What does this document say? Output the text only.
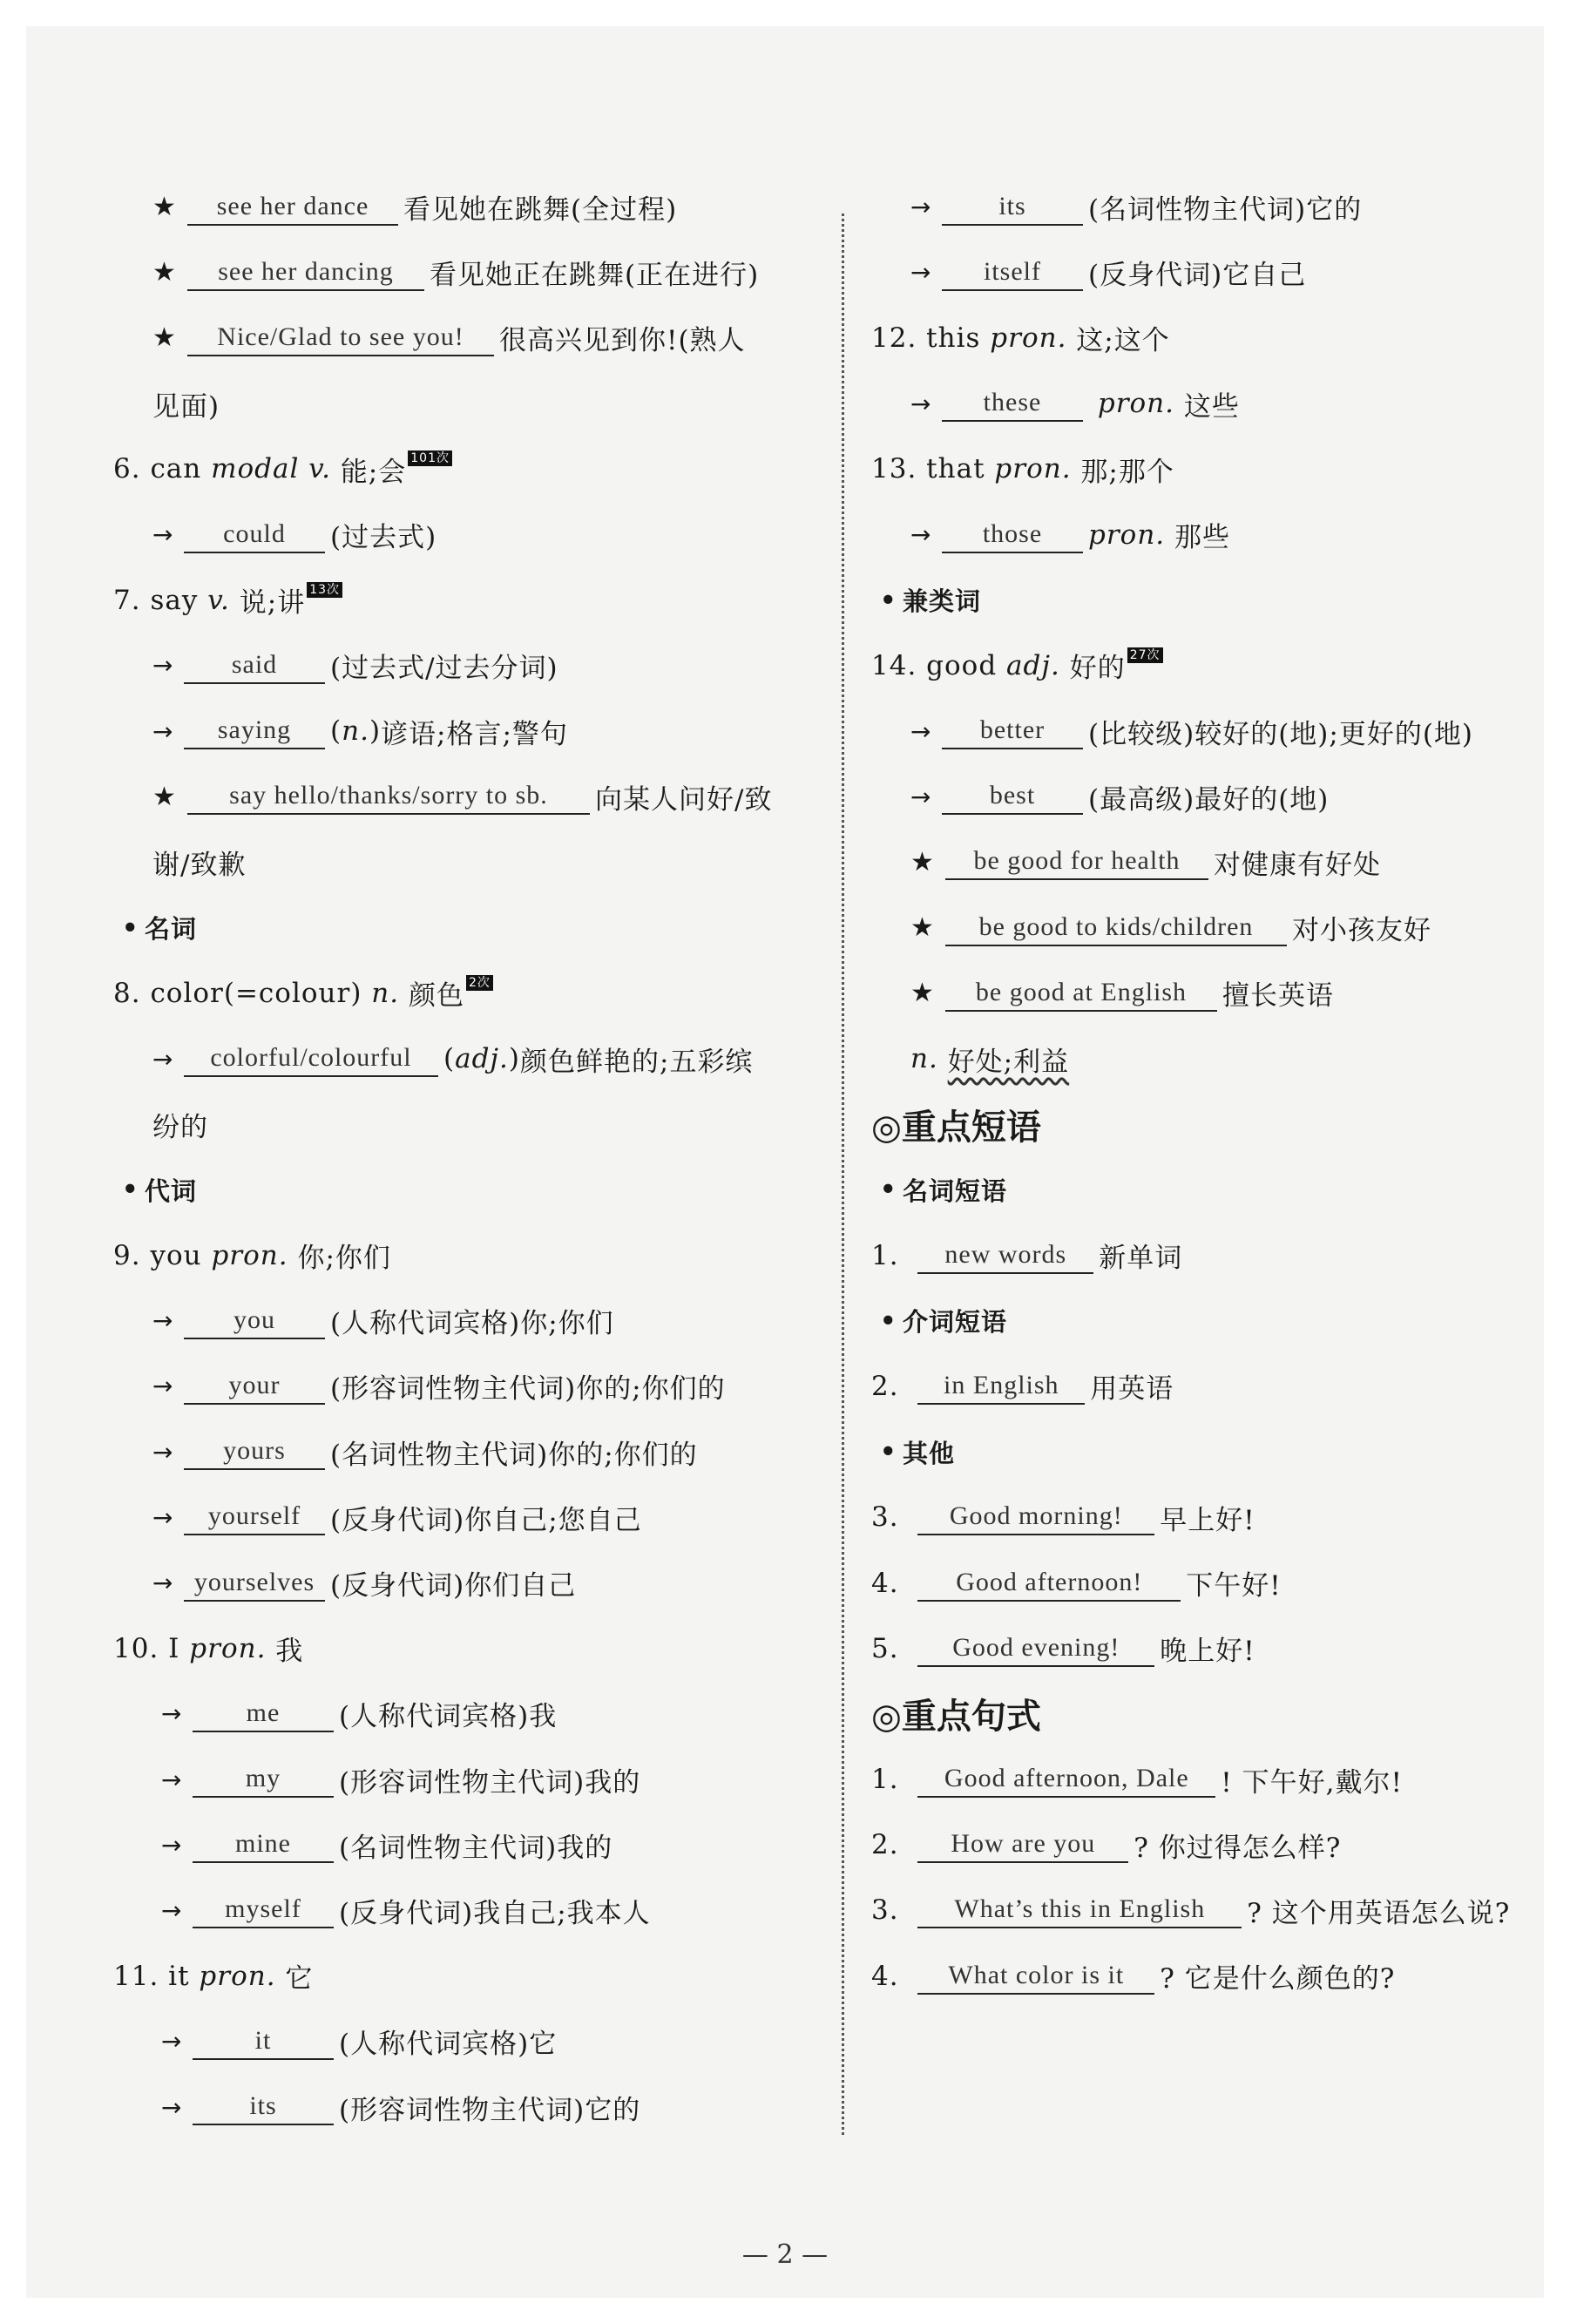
★	see her dance	看见她在跳舞(全过程)
★	see her dancing	看见她正在跳舞(正在进行)
★	Nice/Glad to see you!	很高兴见到你!(熟人
见面)
6.
can
modal v.
能;会 101次
→	could	(过去式)
7.
say
v.
说;讲 13次
→	said	(过去式/过去分词)
→	saying	( n. ) 谚语;格言;警句
★	say hello/thanks/sorry to sb.	向某人问好/致
谢/致歉
• 名词
8.
color(=colour)
n.
颜色 2次
→	colorful/colourful	( adj. ) 颜色鲜艳的;五彩缤
纷的
• 代词
9.
you
pron.
你;你们
→	you	(人称代词宾格)你;你们
→	your	(形容词性物主代词)你的;你们的
→	yours	(名词性物主代词)你的;你们的
→	yourself	(反身代词)你自己;您自己
→ yourselves (反身代词)你们自己
10.
I
pron.
我
→	me	(人称代词宾格)我
→	my	(形容词性物主代词)我的
→	mine	(名词性物主代词)我的
→	myself	(反身代词)我自己;我本人
11.
it
pron.
它
→	it	(人称代词宾格)它
→	its	(形容词性物主代词)它的
→	its	(名词性物主代词)它的
→	itself	(反身代词)它自己
12.
this
pron.
这;这个
→	these
	pron.
这些
13.
that
pron.
那;那个
→	those	pron.
那些
• 兼类词
14.
good
adj.
好的 27次
→	better	(比较级)较好的(地);更好的(地)
→	best	(最高级)最好的(地)
★	be good for health	对健康有好处
★	be good to kids/children	对小孩友好
★	be good at English	擅长英语
n.
好处;利益
◎重点短语
• 名词短语
1.
	new words	新单词
• 介词短语
2.
	in English	用英语
• 其他
3.
	Good morning!	早上好!
4.
	Good afternoon!	下午好!
5.
	Good evening!	晚上好!
◎重点句式
1.
	Good afternoon, Dale	! 下午好,戴尔!
2.
	How are you	? 你过得怎么样?
3.
	What’s this in English	? 这个用英语怎么说?
4.
	What color is it	? 它是什么颜色的?
— 2 —
